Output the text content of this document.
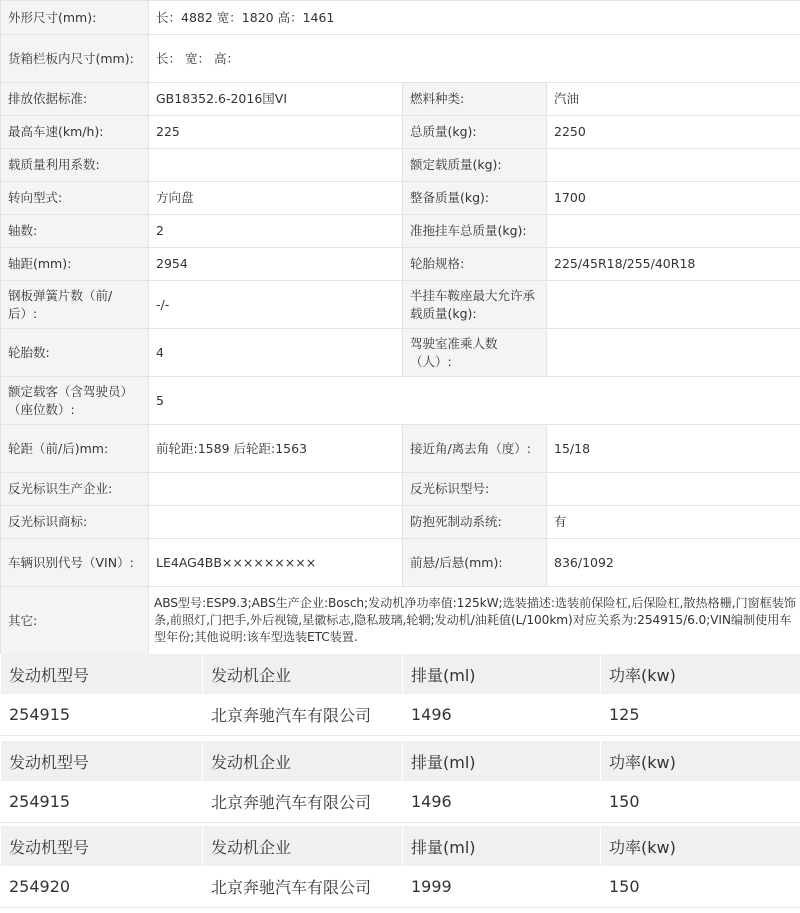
外形尺寸(mm):	长：4882 宽：1820 高：1461		
货箱栏板内尺寸(mm):	长： 宽： 高：		
排放依据标准:	GB18352.6-2016国VI	燃料种类:	汽油
最高车速(km/h):	225	总质量(kg):	2250
载质量利用系数:		额定载质量(kg):	
转向型式:	方向盘	整备质量(kg):	1700
轴数:	2	准拖挂车总质量(kg):	
轴距(mm):	2954	轮胎规格:	225/45R18/255/40R18
钢板弹簧片数（前/后）:	-/-	半挂车鞍座最大允许承载质量(kg):	
轮胎数:	4	驾驶室准乘人数（人）:	
额定载客（含驾驶员）（座位数）:	5		
轮距（前/后)mm:	前轮距:1589 后轮距:1563	接近角/离去角（度）:	15/18
反光标识生产企业:		反光标识型号:	
反光标识商标:		防抱死制动系统:	有
车辆识别代号（VIN）:	LE4AG4BB×××××××××	前悬/后悬(mm):	836/1092
其它:	ABS型号:ESP9.3;ABS生产企业:Bosch;发动机净功率值:125kW;选装描述:选装前保险杠,后保险杠,散热格栅,门窗框装饰条,前照灯,门把手,外后视镜,星徽标志,隐私玻璃,轮辋;发动机/油耗值(L/100km)对应关系为:254915/6.0;VIN编制使用车型年份;其他说明:该车型选装ETC装置.		
发动机型号	发动机企业	排量(ml)	功率(kw)
254915	北京奔驰汽车有限公司	1496	125
发动机型号	发动机企业	排量(ml)	功率(kw)
254915	北京奔驰汽车有限公司	1496	150
发动机型号	发动机企业	排量(ml)	功率(kw)
254920	北京奔驰汽车有限公司	1999	150
